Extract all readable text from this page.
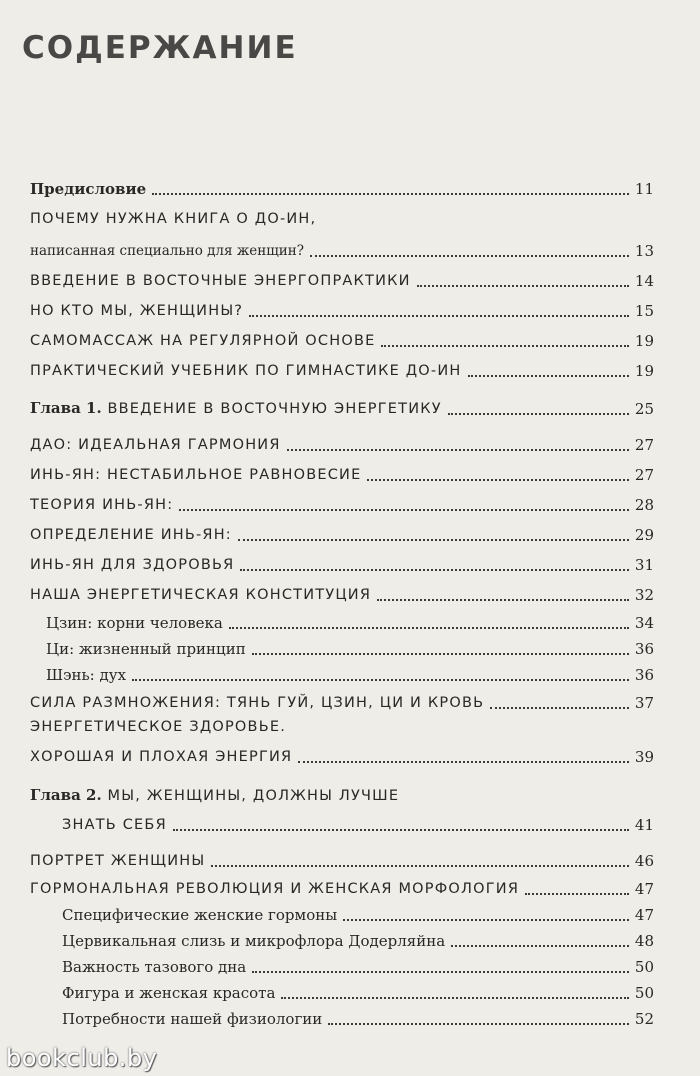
СОДЕРЖАНИЕ
Предисловие	11
ПОЧЕМУ НУЖНА КНИГА О ДО-ИН,
написанная специально для женщин?	13
ВВЕДЕНИЕ В ВОСТОЧНЫЕ ЭНЕРГОПРАКТИКИ	14
НО КТО МЫ, ЖЕНЩИНЫ?	15
САМОМАССАЖ НА РЕГУЛЯРНОЙ ОСНОВЕ	19
ПРАКТИЧЕСКИЙ УЧЕБНИК ПО ГИМНАСТИКЕ ДО-ИН	19
Глава 1. ВВЕДЕНИЕ В ВОСТОЧНУЮ ЭНЕРГЕТИКУ	25
ДАО: ИДЕАЛЬНАЯ ГАРМОНИЯ	27
ИНЬ-ЯН: НЕСТАБИЛЬНОЕ РАВНОВЕСИЕ	27
ТЕОРИЯ ИНЬ-ЯН:	28
ОПРЕДЕЛЕНИЕ ИНЬ-ЯН:	29
ИНЬ-ЯН ДЛЯ ЗДОРОВЬЯ	31
НАША ЭНЕРГЕТИЧЕСКАЯ КОНСТИТУЦИЯ	32
Цзин: корни человека	34
Ци: жизненный принцип	36
Шэнь: дух	36
СИЛА РАЗМНОЖЕНИЯ: ТЯНЬ ГУЙ, ЦЗИН, ЦИ И КРОВЬ	37
ЭНЕРГЕТИЧЕСКОЕ ЗДОРОВЬЕ.
ХОРОШАЯ И ПЛОХАЯ ЭНЕРГИЯ	39
Глава 2. МЫ, ЖЕНЩИНЫ, ДОЛЖНЫ ЛУЧШЕ
ЗНАТЬ СЕБЯ	41
ПОРТРЕТ ЖЕНЩИНЫ	46
ГОРМОНАЛЬНАЯ РЕВОЛЮЦИЯ И ЖЕНСКАЯ МОРФОЛОГИЯ	47
Специфические женские гормоны	47
Цервикальная слизь и микрофлора Додерляйна	48
Важность тазового дна	50
Фигура и женская красота	50
Потребности нашей физиологии	52
bookclub.by
